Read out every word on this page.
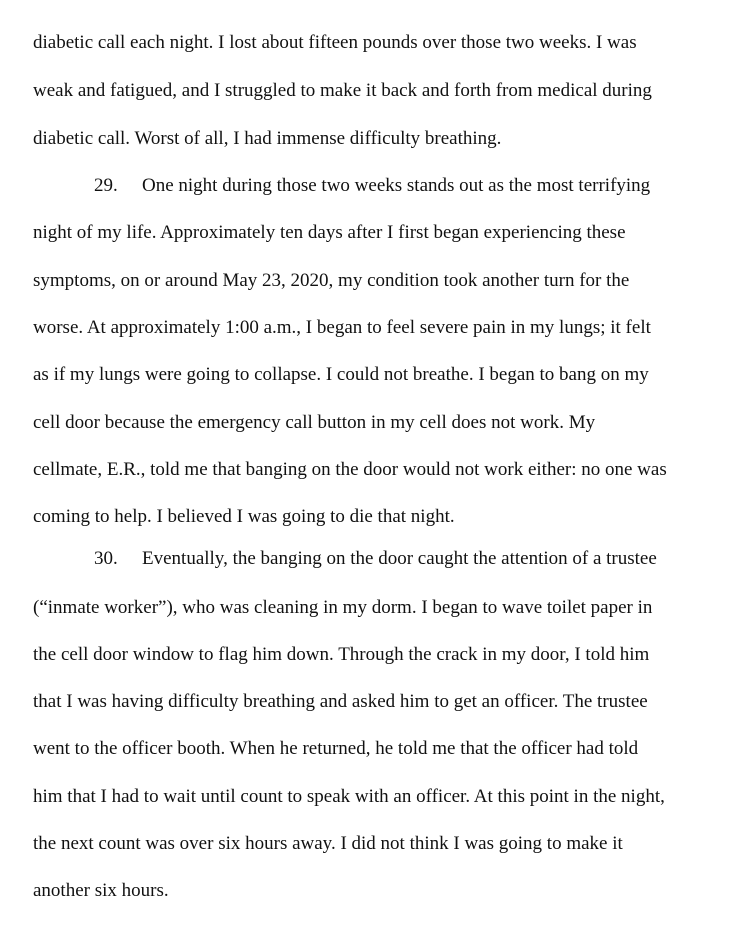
diabetic call each night. I lost about fifteen pounds over those two weeks. I was
weak and fatigued, and I struggled to make it back and forth from medical during
diabetic call. Worst of all, I had immense difficulty breathing.
29. One night during those two weeks stands out as the most terrifying
night of my life. Approximately ten days after I first began experiencing these
symptoms, on or around May 23, 2020, my condition took another turn for the
worse. At approximately 1:00 a.m., I began to feel severe pain in my lungs; it felt
as if my lungs were going to collapse. I could not breathe. I began to bang on my
cell door because the emergency call button in my cell does not work. My
cellmate, E.R., told me that banging on the door would not work either: no one was
coming to help. I believed I was going to die that night.
30. Eventually, the banging on the door caught the attention of a trustee
(“inmate worker”), who was cleaning in my dorm. I began to wave toilet paper in
the cell door window to flag him down. Through the crack in my door, I told him
that I was having difficulty breathing and asked him to get an officer. The trustee
went to the officer booth. When he returned, he told me that the officer had told
him that I had to wait until count to speak with an officer. At this point in the night,
the next count was over six hours away. I did not think I was going to make it
another six hours.
